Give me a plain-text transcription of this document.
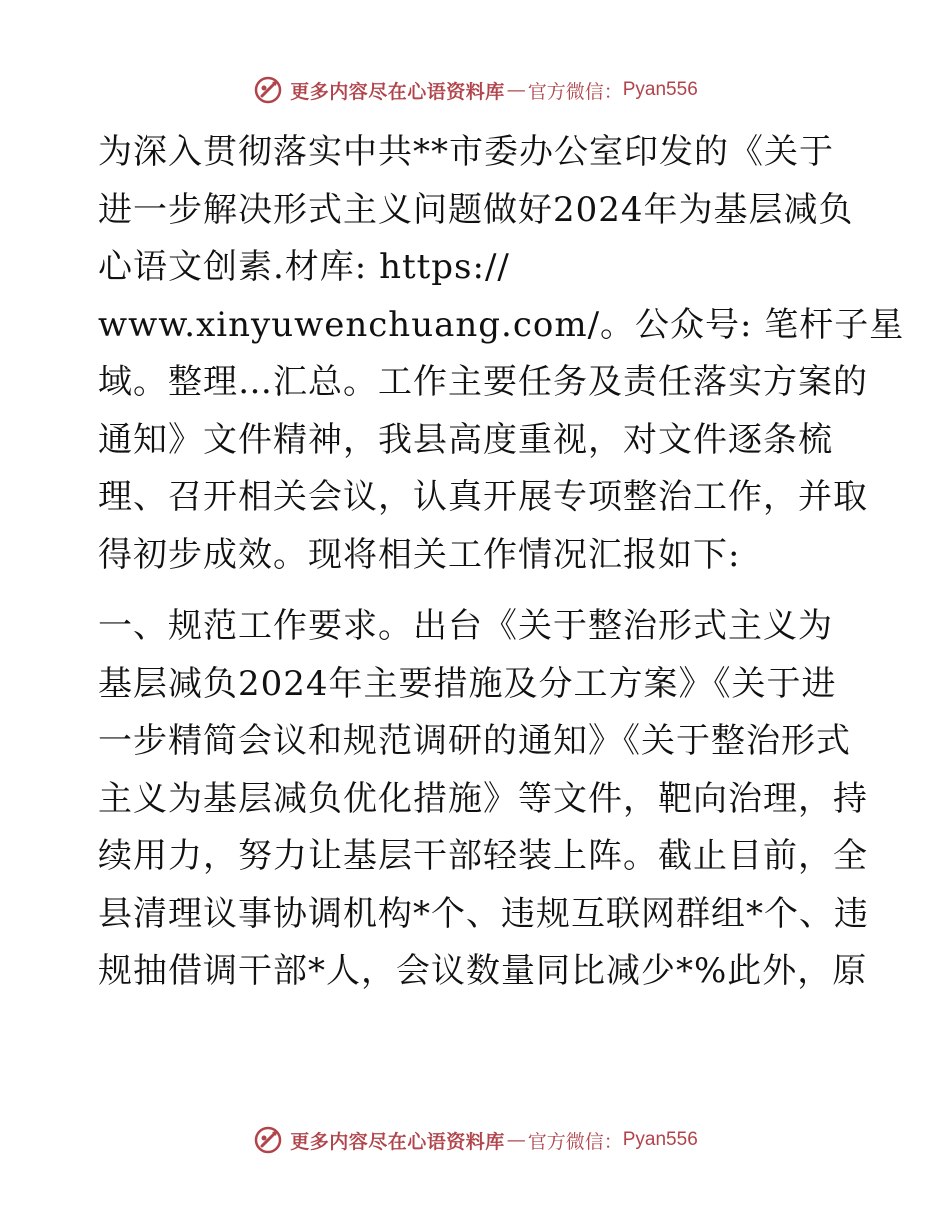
更多内容尽在心语资料库 — 官方微信： Pyan556

为深入贯彻落实中共**市委办公室印发的《关于
进一步解决形式主义问题做好2024年为基层减负
心语文创素.材库: https://
www.xinyuwenchuang.com/。公众号: 笔杆子星
域。整理…汇总。工作主要任务及责任落实方案的
通知》文件精神，我县高度重视，对文件逐条梳
理、召开相关会议，认真开展专项整治工作，并取
得初步成效。现将相关工作情况汇报如下:

一、规范工作要求。出台《关于整治形式主义为
基层减负2024年主要措施及分工方案》《关于进
一步精简会议和规范调研的通知》《关于整治形式
主义为基层减负优化措施》等文件，靶向治理，持
续用力，努力让基层干部轻装上阵。截止目前，全
县清理议事协调机构*个、违规互联网群组*个、违
规抽借调干部*人，会议数量同比减少*%此外，原

更多内容尽在心语资料库 — 官方微信： Pyan556
